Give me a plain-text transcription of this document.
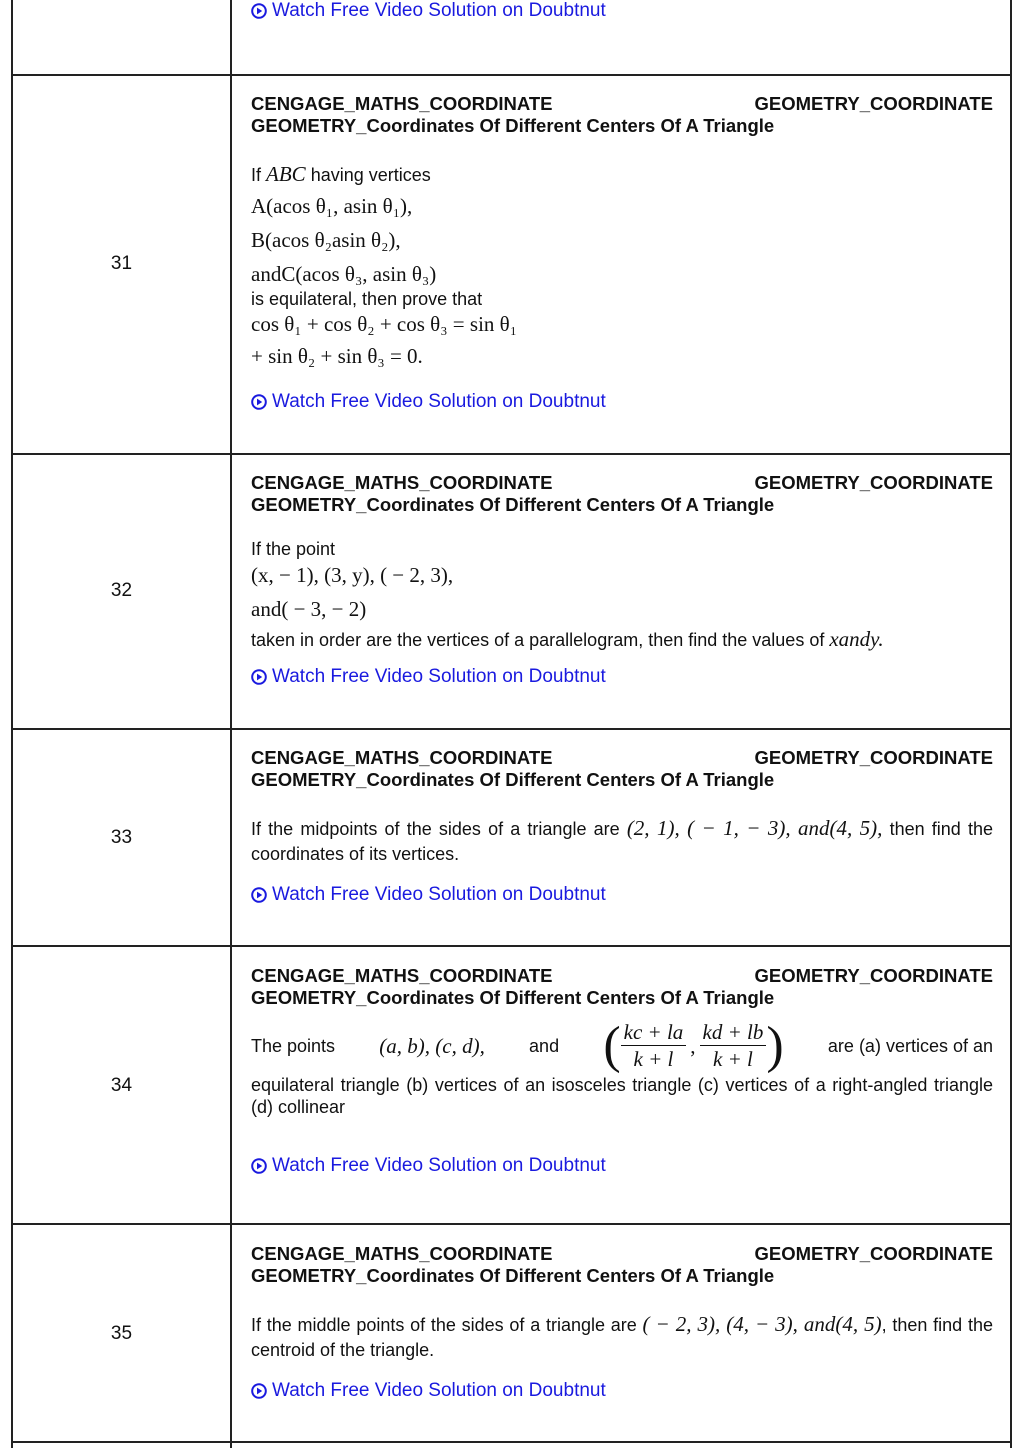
Watch Free Video Solution on Doubtnut
31
CENGAGE_MATHS_COORDINATE	GEOMETRY_COORDINATE
GEOMETRY_Coordinates Of Different Centers Of A Triangle
If ABC having vertices
A(acos θ₁, asin θ₁),
B(acos θ₂asin θ₂),
andC(acos θ₃, asin θ₃)
is equilateral, then prove that
cos θ₁ + cos θ₂ + cos θ₃ = sin θ₁
+ sin θ₂ + sin θ₃ = 0.
Watch Free Video Solution on Doubtnut
32
CENGAGE_MATHS_COORDINATE	GEOMETRY_COORDINATE
GEOMETRY_Coordinates Of Different Centers Of A Triangle
If the point
(x, − 1), (3, y), ( − 2, 3),
and( − 3, − 2)
taken in order are the vertices of a parallelogram, then find the values of xandy.
Watch Free Video Solution on Doubtnut
33
CENGAGE_MATHS_COORDINATE	GEOMETRY_COORDINATE
GEOMETRY_Coordinates Of Different Centers Of A Triangle
If the midpoints of the sides of a triangle are (2, 1), ( − 1, − 3), and(4, 5), then find the coordinates of its vertices.
Watch Free Video Solution on Doubtnut
34
CENGAGE_MATHS_COORDINATE	GEOMETRY_COORDINATE
GEOMETRY_Coordinates Of Different Centers Of A Triangle
The points (a, b), (c, d), and ( $\frac{kc + la}{k + l}$ , $\frac{kd + lb}{k + l}$ ) are (a) vertices of an
equilateral triangle (b) vertices of an isosceles triangle (c) vertices of a right-angled triangle (d) collinear
Watch Free Video Solution on Doubtnut
35
CENGAGE_MATHS_COORDINATE	GEOMETRY_COORDINATE
GEOMETRY_Coordinates Of Different Centers Of A Triangle
If the middle points of the sides of a triangle are ( − 2, 3), (4, − 3), and(4, 5), then find the centroid of the triangle.
Watch Free Video Solution on Doubtnut
